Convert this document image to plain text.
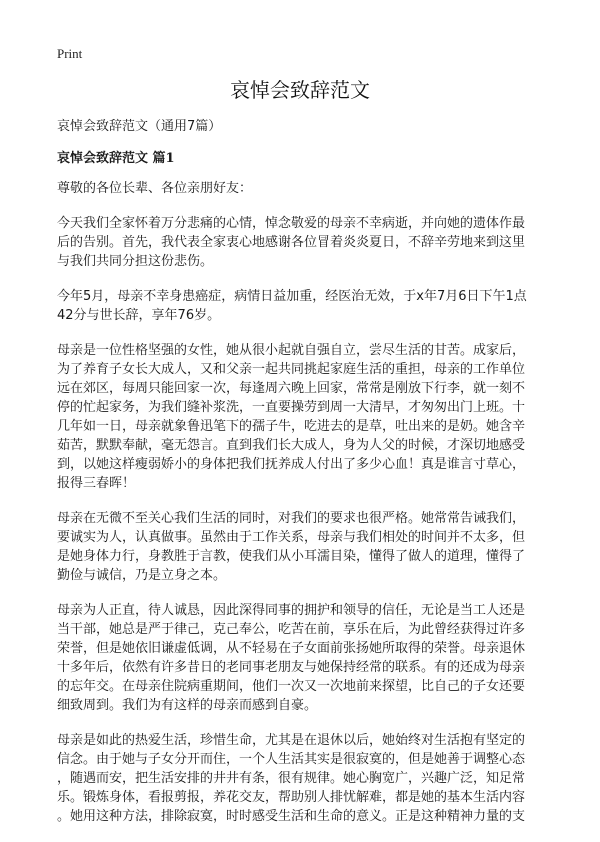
Print
哀悼会致辞范文
哀悼会致辞范文（通用7篇）
哀悼会致辞范文 篇1
尊敬的各位长辈、各位亲朋好友：
今天我们全家怀着万分悲痛的心情，悼念敬爱的母亲不幸病逝，并向她的遗体作最
后的告别。首先，我代表全家衷心地感谢各位冒着炎炎夏日，不辞辛劳地来到这里
与我们共同分担这份悲伤。
今年5月，母亲不幸身患癌症，病情日益加重，经医治无效，于x年7月6日下午1点
42分与世长辞，享年76岁。
母亲是一位性格坚强的女性，她从很小起就自强自立，尝尽生活的甘苦。成家后，
为了养育子女长大成人，又和父亲一起共同挑起家庭生活的重担，母亲的工作单位
远在郊区，每周只能回家一次，每逢周六晚上回家，常常是刚放下行李，就一刻不
停的忙起家务，为我们缝补浆洗，一直要操劳到周一大清早，才匆匆出门上班。十
几年如一日，母亲就象鲁迅笔下的孺子牛，吃进去的是草，吐出来的是奶。她含辛
茹苦，默默奉献，毫无怨言。直到我们长大成人，身为人父的时候，才深切地感受
到，以她这样瘦弱娇小的身体把我们抚养成人付出了多少心血！真是谁言寸草心，
报得三春晖！
母亲在无微不至关心我们生活的同时，对我们的要求也很严格。她常常告诫我们，
要诚实为人，认真做事。虽然由于工作关系，母亲与我们相处的时间并不太多，但
是她身体力行，身教胜于言教，使我们从小耳濡目染，懂得了做人的道理，懂得了
勤俭与诚信，乃是立身之本。
母亲为人正直，待人诚恳，因此深得同事的拥护和领导的信任，无论是当工人还是
当干部，她总是严于律己，克己奉公，吃苦在前，享乐在后，为此曾经获得过许多
荣誉，但是她依旧谦虚低调，从不轻易在子女面前张扬她所取得的荣誉。母亲退休
十多年后，依然有许多昔日的老同事老朋友与她保持经常的联系。有的还成为母亲
的忘年交。在母亲住院病重期间，他们一次又一次地前来探望，比自己的子女还要
细致周到。我们为有这样的母亲而感到自豪。
母亲是如此的热爱生活，珍惜生命，尤其是在退休以后，她始终对生活抱有坚定的
信念。由于她与子女分开而住，一个人生活其实是很寂寞的，但是她善于调整心态
，随遇而安，把生活安排的井井有条，很有规律。她心胸宽广，兴趣广泛，知足常
乐。锻炼身体，看报剪报，养花交友，帮助别人排忧解难，都是她的基本生活内容
。她用这种方法，排除寂寞，时时感受生活和生命的意义。正是这种精神力量的支
